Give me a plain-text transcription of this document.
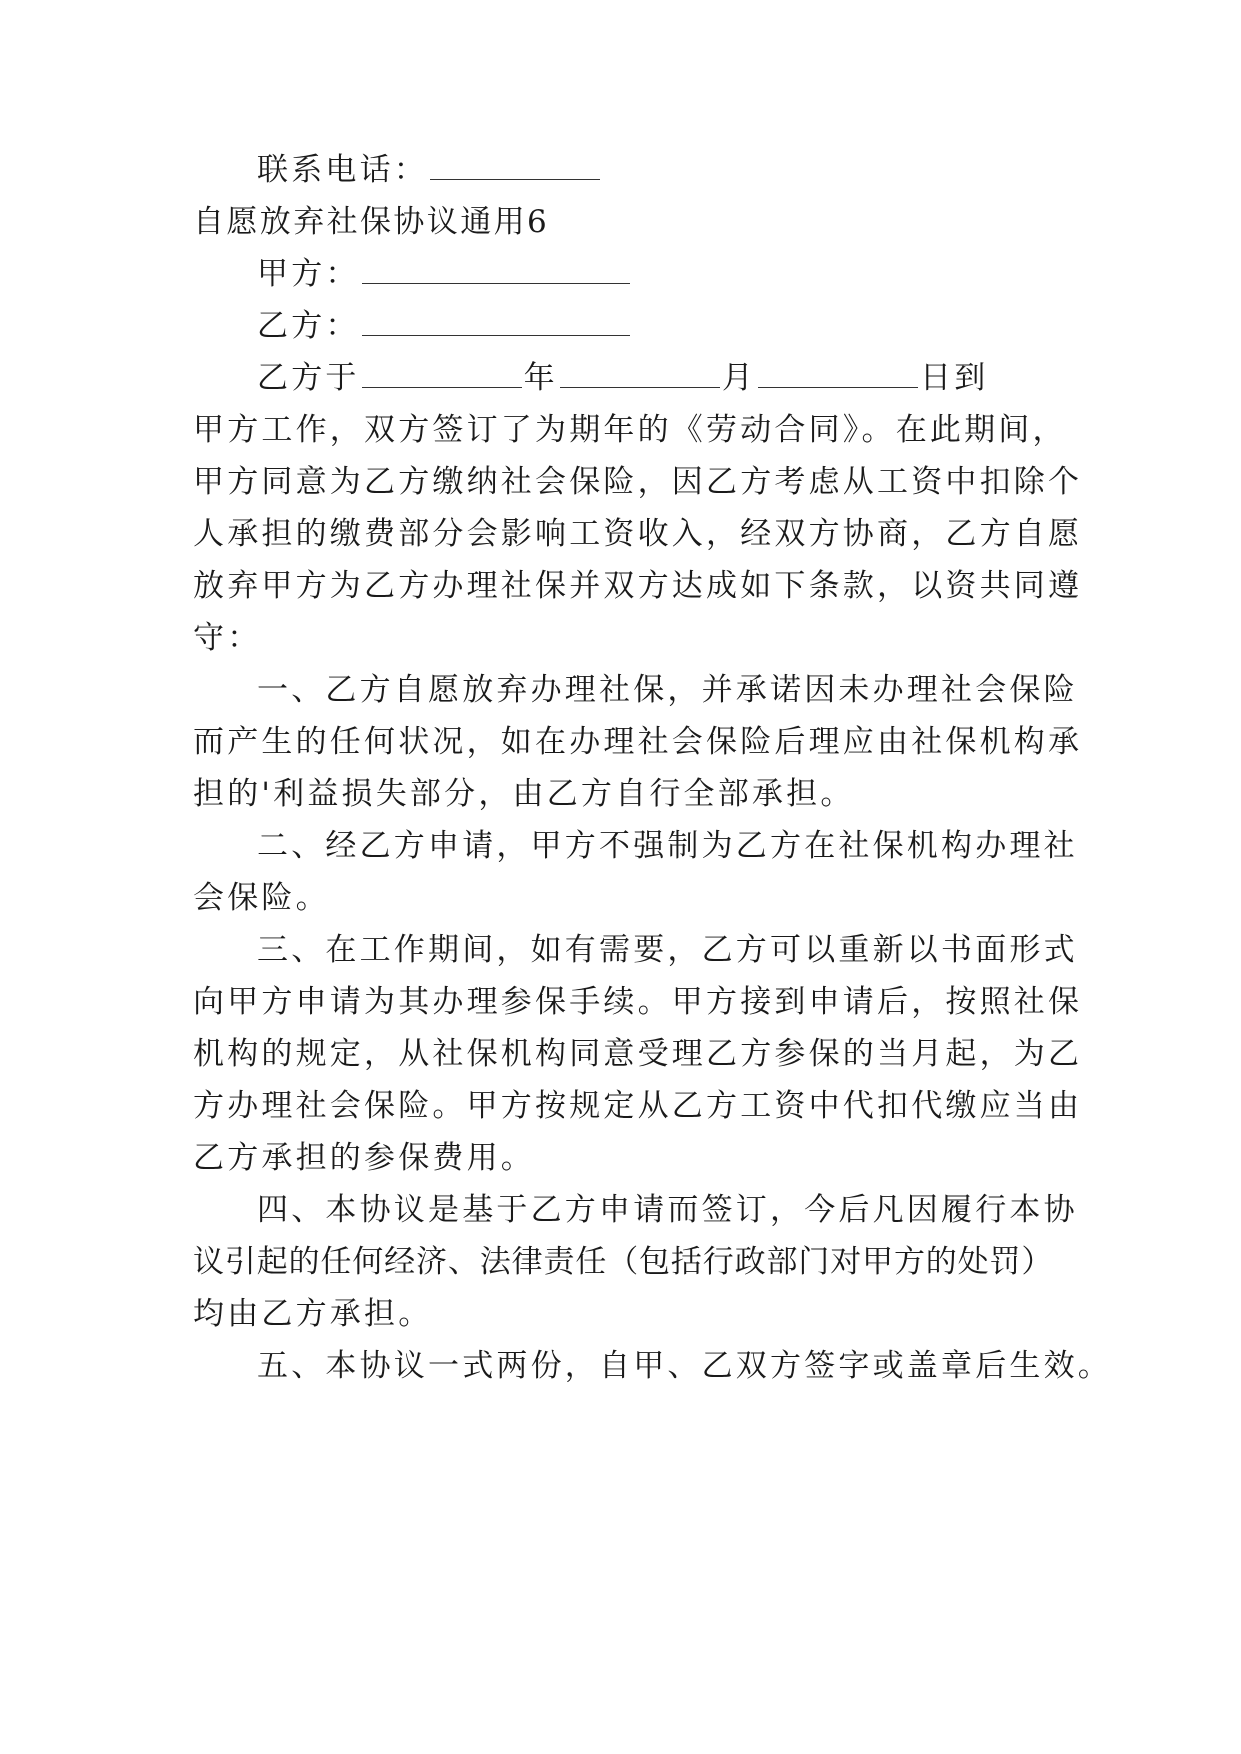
联系电话：
自愿放弃社保协议通用6
甲方：
乙方：
乙方于	年	月	日到
甲方工作，双方签订了为期年的《劳动合同》。在此期间，
甲方同意为乙方缴纳社会保险，因乙方考虑从工资中扣除个
人承担的缴费部分会影响工资收入，经双方协商，乙方自愿
放弃甲方为乙方办理社保并双方达成如下条款，以资共同遵
守：
一、乙方自愿放弃办理社保，并承诺因未办理社会保险
而产生的任何状况，如在办理社会保险后理应由社保机构承
担的'利益损失部分，由乙方自行全部承担。
二、经乙方申请，甲方不强制为乙方在社保机构办理社
会保险。
三、在工作期间，如有需要，乙方可以重新以书面形式
向甲方申请为其办理参保手续。甲方接到申请后，按照社保
机构的规定，从社保机构同意受理乙方参保的当月起，为乙
方办理社会保险。甲方按规定从乙方工资中代扣代缴应当由
乙方承担的参保费用。
四、本协议是基于乙方申请而签订，今后凡因履行本协
议引起的任何经济、法律责任（包括行政部门对甲方的处罚）
均由乙方承担。
五、本协议一式两份，自甲、乙双方签字或盖章后生效。
